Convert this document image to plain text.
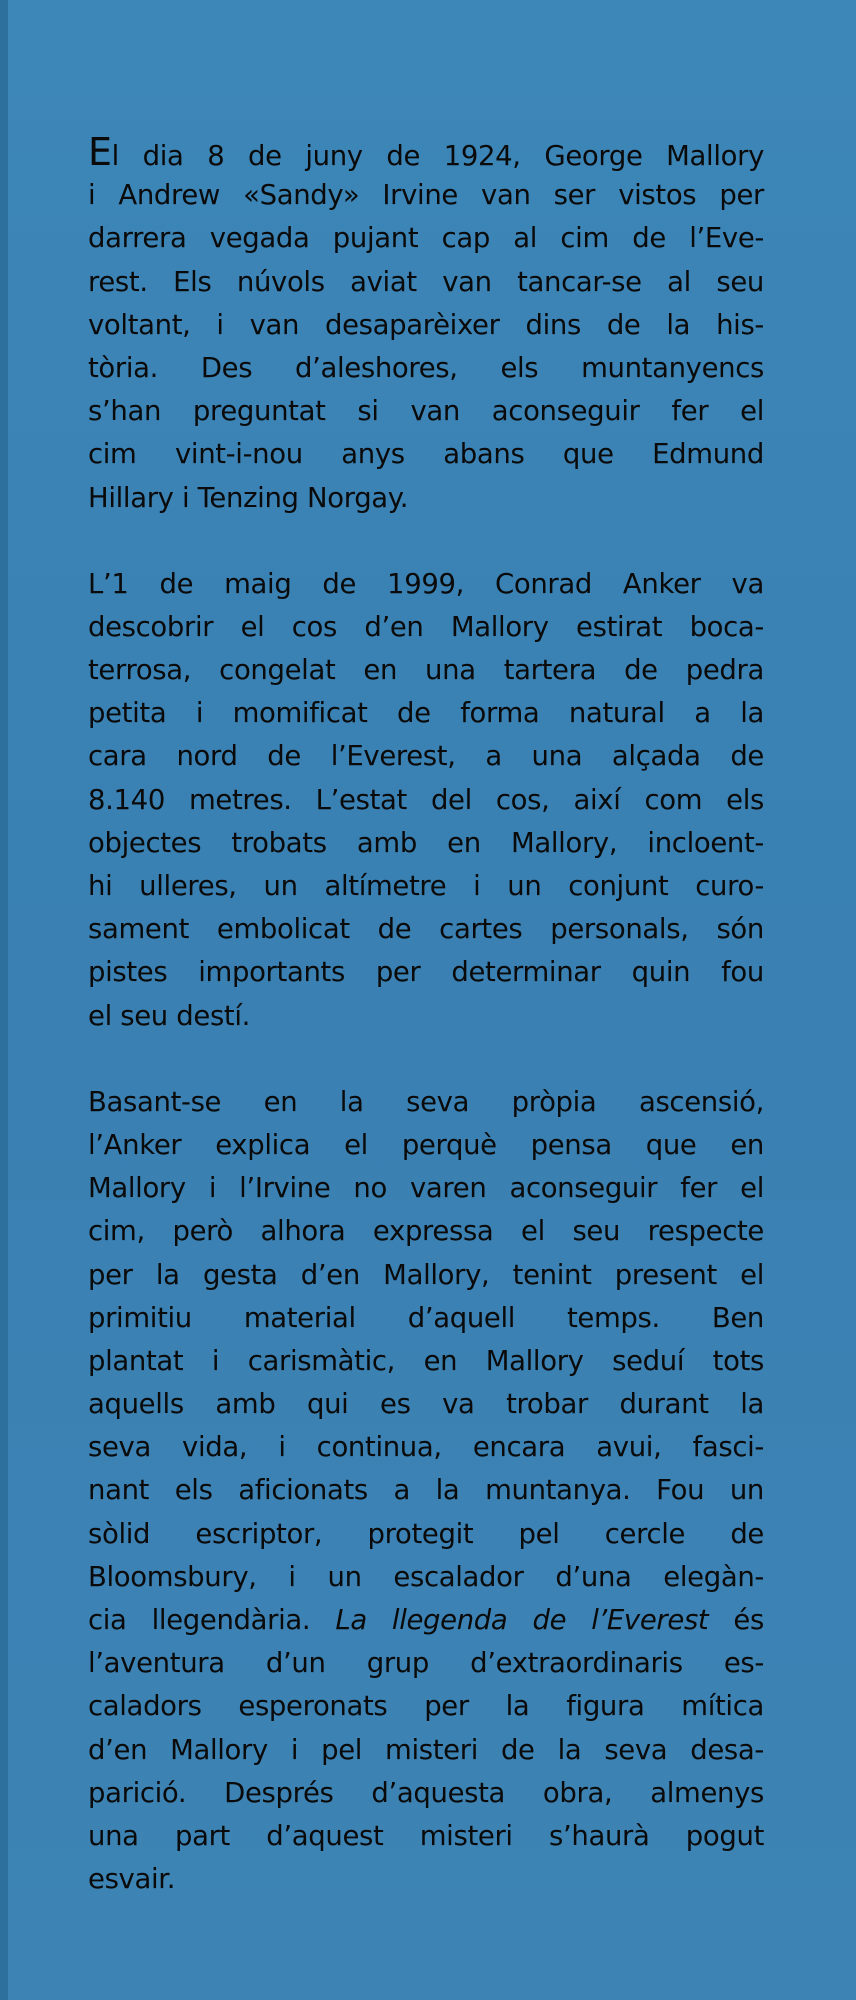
El dia 8 de juny de 1924, George Mallory
i Andrew «Sandy» Irvine van ser vistos per
darrera vegada pujant cap al cim de l’Eve-
rest. Els núvols aviat van tancar-se al seu
voltant, i van desaparèixer dins de la his-
tòria. Des d’aleshores, els muntanyencs
s’han preguntat si van aconseguir fer el
cim vint-i-nou anys abans que Edmund
Hillary i Tenzing Norgay.
L’1 de maig de 1999, Conrad Anker va
descobrir el cos d’en Mallory estirat boca-
terrosa, congelat en una tartera de pedra
petita i momificat de forma natural a la
cara nord de l’Everest, a una alçada de
8.140 metres. L’estat del cos, així com els
objectes trobats amb en Mallory, incloent-
hi ulleres, un altímetre i un conjunt curo-
sament embolicat de cartes personals, són
pistes importants per determinar quin fou
el seu destí.
Basant-se en la seva pròpia ascensió,
l’Anker explica el perquè pensa que en
Mallory i l’Irvine no varen aconseguir fer el
cim, però alhora expressa el seu respecte
per la gesta d’en Mallory, tenint present el
primitiu material d’aquell temps. Ben
plantat i carismàtic, en Mallory seduí tots
aquells amb qui es va trobar durant la
seva vida, i continua, encara avui, fasci-
nant els aficionats a la muntanya. Fou un
sòlid escriptor, protegit pel cercle de
Bloomsbury, i un escalador d’una elegàn-
cia llegendària. La llegenda de l’Everest és
l’aventura d’un grup d’extraordinaris es-
caladors esperonats per la figura mítica
d’en Mallory i pel misteri de la seva desa-
parició. Després d’aquesta obra, almenys
una part d’aquest misteri s’haurà pogut
esvair.
